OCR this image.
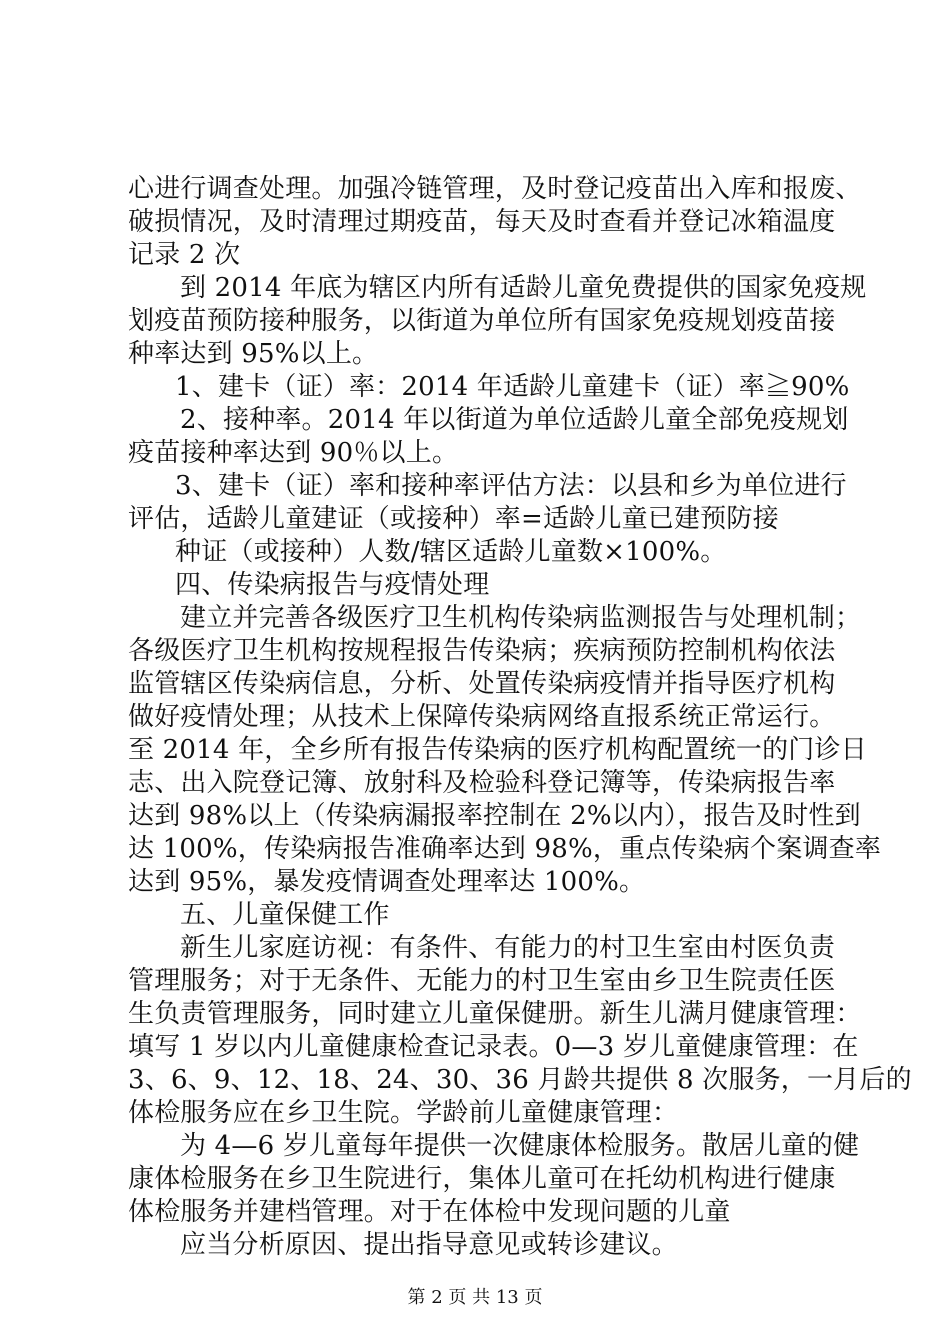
心进行调查处理。加强冷链管理，及时登记疫苗出入库和报废、
破损情况，及时清理过期疫苗，每天及时查看并登记冰箱温度
记录 2 次
到 2014 年底为辖区内所有适龄儿童免费提供的国家免疫规
划疫苗预防接种服务，以街道为单位所有国家免疫规划疫苗接
种率达到 95%以上。
1、建卡（证）率：2014 年适龄儿童建卡（证）率≧90%
2、接种率。2014 年以街道为单位适龄儿童全部免疫规划
疫苗接种率达到 90％以上。
3、建卡（证）率和接种率评估方法：以县和乡为单位进行
评估，适龄儿童建证（或接种）率=适龄儿童已建预防接
种证（或接种）人数/辖区适龄儿童数×100%。
四、传染病报告与疫情处理
建立并完善各级医疗卫生机构传染病监测报告与处理机制；
各级医疗卫生机构按规程报告传染病；疾病预防控制机构依法
监管辖区传染病信息，分析、处置传染病疫情并指导医疗机构
做好疫情处理；从技术上保障传染病网络直报系统正常运行。
至 2014 年，全乡所有报告传染病的医疗机构配置统一的门诊日
志、出入院登记簿、放射科及检验科登记簿等，传染病报告率
达到 98%以上（传染病漏报率控制在 2%以内），报告及时性到
达 100%，传染病报告准确率达到 98%，重点传染病个案调查率
达到 95%，暴发疫情调查处理率达 100%。
五、儿童保健工作
新生儿家庭访视：有条件、有能力的村卫生室由村医负责
管理服务；对于无条件、无能力的村卫生室由乡卫生院责任医
生负责管理服务，同时建立儿童保健册。新生儿满月健康管理：
填写 1 岁以内儿童健康检查记录表。0—3 岁儿童健康管理：在
3、6、9、12、18、24、30、36 月龄共提供 8 次服务，一月后的
体检服务应在乡卫生院。学龄前儿童健康管理：
为 4—6 岁儿童每年提供一次健康体检服务。散居儿童的健
康体检服务在乡卫生院进行，集体儿童可在托幼机构进行健康
体检服务并建档管理。对于在体检中发现问题的儿童
应当分析原因、提出指导意见或转诊建议。
第 2 页 共 13 页
